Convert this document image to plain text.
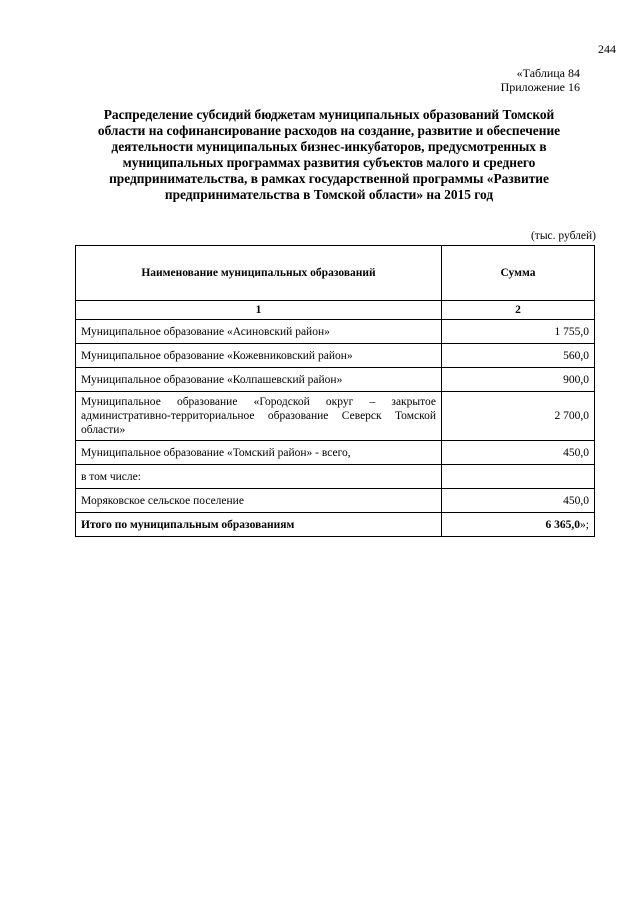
244
«Таблица 84
Приложение 16
Распределение субсидий бюджетам муниципальных образований Томской
области на софинансирование расходов на создание, развитие и обеспечение
деятельности муниципальных бизнес-инкубаторов, предусмотренных в
муниципальных программах развития субъектов малого и среднего
предпринимательства, в рамках государственной программы «Развитие
предпринимательства в Томской области» на 2015 год
(тыс. рублей)
Наименование муниципальных образований	Сумма
1	2
Муниципальное образование «Асиновский район»	1 755,0
Муниципальное образование «Кожевниковский район»	560,0
Муниципальное образование «Колпашевский район»	900,0
Муниципальное образование «Городской округ – закрытое административно-территориальное образование Северск Томской области»	2 700,0
Муниципальное образование «Томский район» - всего,	450,0
в том числе:	
Моряковское сельское поселение	450,0
Итого по муниципальным образованиям	6 365,0»;
